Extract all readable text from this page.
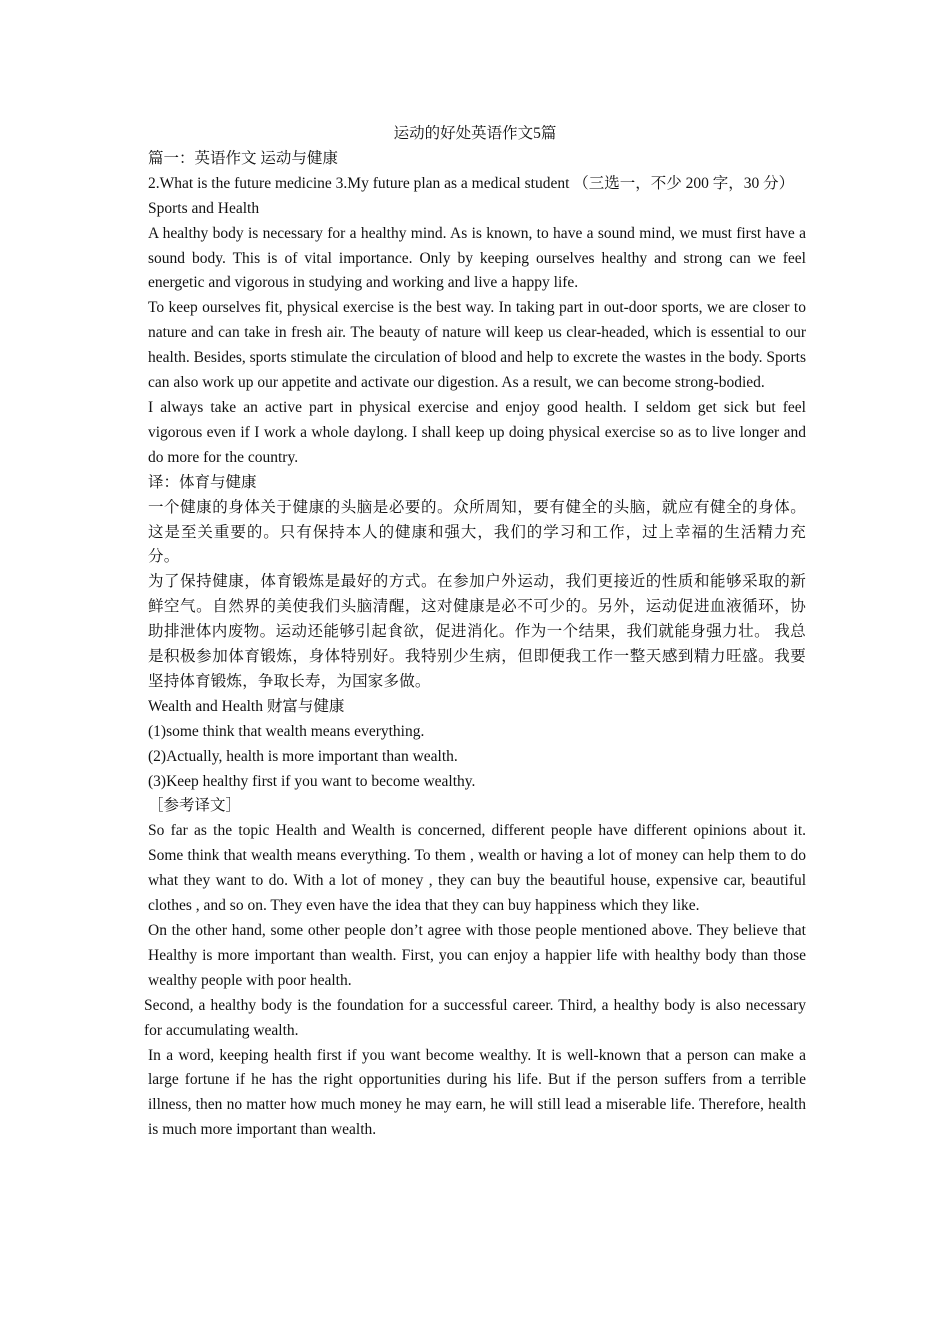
运动的好处英语作文5篇

篇一：英语作文 运动与健康

2.What is the future medicine 3.My future plan as a medical student （三选一，不少 200 字，30 分）

Sports and Health

A healthy body is necessary for a healthy mind. As is known, to have a sound mind, we must first have a sound body. This is of vital importance. Only by keeping ourselves healthy and strong can we feel energetic and vigorous in studying and working and live a happy life.

To keep ourselves fit, physical exercise is the best way. In taking part in out-door sports, we are closer to nature and can take in fresh air. The beauty of nature will keep us clear-headed, which is essential to our health. Besides, sports stimulate the circulation of blood and help to excrete the wastes in the body. Sports can also work up our appetite and activate our digestion. As a result, we can become strong-bodied.

I always take an active part in physical exercise and enjoy good health. I seldom get sick but feel vigorous even if I work a whole daylong. I shall keep up doing physical exercise so as to live longer and do more for the country.

译：体育与健康

一个健康的身体关于健康的头脑是必要的。众所周知，要有健全的头脑，就应有健全的身体。这是至关重要的。只有保持本人的健康和强大，我们的学习和工作，过上幸福的生活精力充分。

为了保持健康，体育锻炼是最好的方式。在参加户外运动，我们更接近的性质和能够采取的新鲜空气。自然界的美使我们头脑清醒，这对健康是必不可少的。另外，运动促进血液循环，协助排泄体内废物。运动还能够引起食欲，促进消化。作为一个结果，我们就能身强力壮。 我总是积极参加体育锻炼，身体特别好。我特别少生病，但即便我工作一整天感到精力旺盛。我要坚持体育锻炼，争取长寿，为国家多做。

Wealth and Health 财富与健康

(1)some think that wealth means everything.

(2)Actually, health is more important than wealth.

(3)Keep healthy first if you want to become wealthy.

［参考译文］

So far as the topic Health and Wealth is concerned, different people have different opinions about it. Some think that wealth means everything. To them , wealth or having a lot of money can help them to do what they want to do. With a lot of money , they can buy the beautiful house, expensive car, beautiful clothes , and so on. They even have the idea that they can buy happiness which they like.

On the other hand, some other people don’t agree with those people mentioned above. They believe that Healthy is more important than wealth. First, you can enjoy a happier life with healthy body than those wealthy people with poor health.

Second, a healthy body is the foundation for a successful career. Third, a healthy body is also necessary for accumulating wealth.

In a word, keeping health first if you want become wealthy. It is well-known that a person can make a large fortune if he has the right opportunities during his life. But if the person suffers from a terrible illness, then no matter how much money he may earn, he will still lead a miserable life. Therefore, health is much more important than wealth.
